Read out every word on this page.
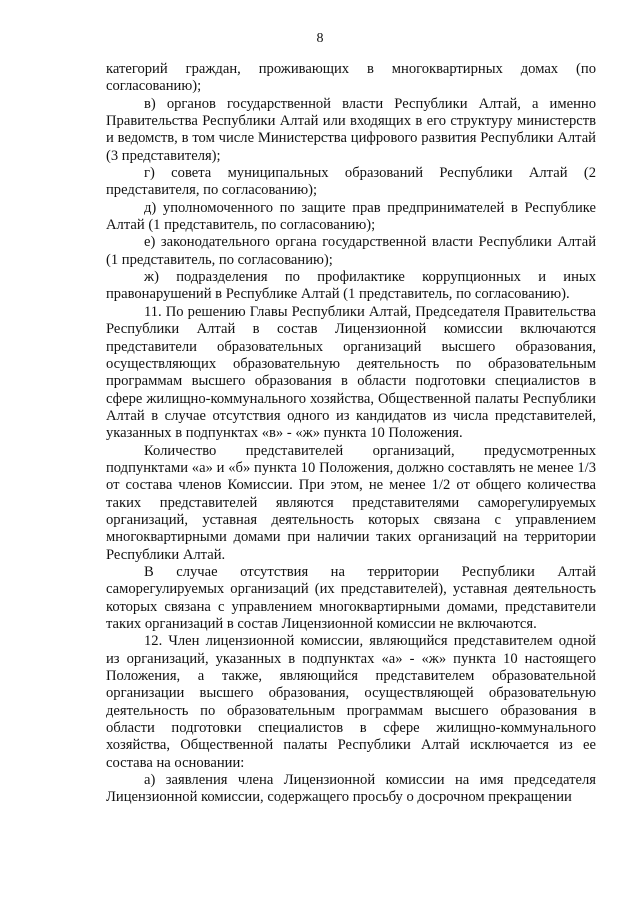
8

категорий граждан, проживающих в многоквартирных домах (по согласованию);

в) органов государственной власти Республики Алтай, а именно Правительства Республики Алтай или входящих в его структуру министерств и ведомств, в том числе Министерства цифрового развития Республики Алтай (3 представителя);

г) совета муниципальных образований Республики Алтай (2 представителя, по согласованию);

д) уполномоченного по защите прав предпринимателей в Республике Алтай (1 представитель, по согласованию);

е) законодательного органа государственной власти Республики Алтай (1 представитель, по согласованию);

ж) подразделения по профилактике коррупционных и иных правонарушений в Республике Алтай (1 представитель, по согласованию).

11. По решению Главы Республики Алтай, Председателя Правительства Республики Алтай в состав Лицензионной комиссии включаются представители образовательных организаций высшего образования, осуществляющих образовательную деятельность по образовательным программам высшего образования в области подготовки специалистов в сфере жилищно-коммунального хозяйства, Общественной палаты Республики Алтай в случае отсутствия одного из кандидатов из числа представителей, указанных в подпунктах «в» - «ж» пункта 10 Положения.

Количество представителей организаций, предусмотренных подпунктами «а» и «б» пункта 10 Положения, должно составлять не менее 1/3 от состава членов Комиссии. При этом, не менее 1/2 от общего количества таких представителей являются представителями саморегулируемых организаций, уставная деятельность которых связана с управлением многоквартирными домами при наличии таких организаций на территории Республики Алтай.

В случае отсутствия на территории Республики Алтай саморегулируемых организаций (их представителей), уставная деятельность которых связана с управлением многоквартирными домами, представители таких организаций в состав Лицензионной комиссии не включаются.

12. Член лицензионной комиссии, являющийся представителем одной из организаций, указанных в подпунктах «а» - «ж» пункта 10 настоящего Положения, а также, являющийся представителем образовательной организации высшего образования, осуществляющей образовательную деятельность по образовательным программам высшего образования в области подготовки специалистов в сфере жилищно-коммунального хозяйства, Общественной палаты Республики Алтай исключается из ее состава на основании:

а) заявления члена Лицензионной комиссии на имя председателя Лицензионной комиссии, содержащего просьбу о досрочном прекращении
